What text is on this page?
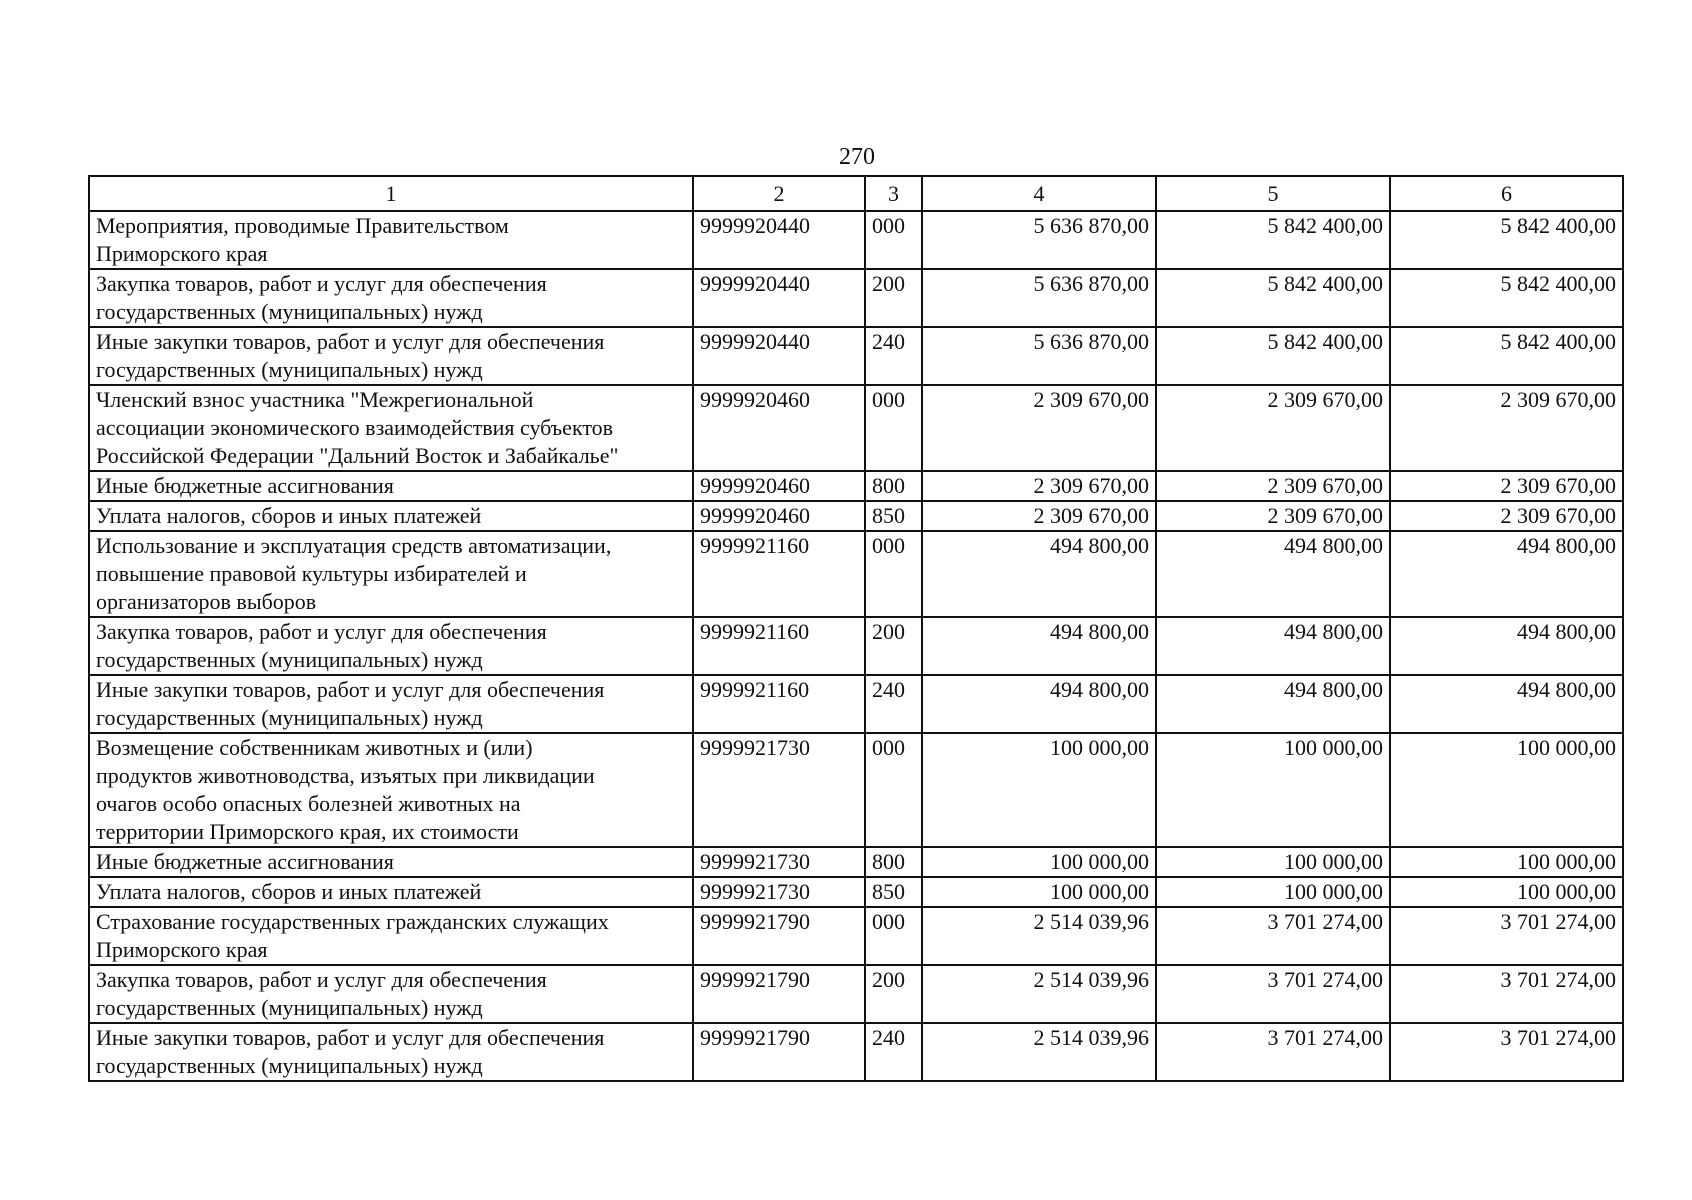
270
1	2	3	4	5	6
Мероприятия, проводимые Правительством
Приморского края	9999920440	000	5 636 870,00	5 842 400,00	5 842 400,00
Закупка товаров, работ и услуг для обеспечения
государственных (муниципальных) нужд	9999920440	200	5 636 870,00	5 842 400,00	5 842 400,00
Иные закупки товаров, работ и услуг для обеспечения
государственных (муниципальных) нужд	9999920440	240	5 636 870,00	5 842 400,00	5 842 400,00
Членский взнос участника "Межрегиональной
ассоциации экономического взаимодействия субъектов
Российской Федерации "Дальний Восток и Забайкалье"	9999920460	000	2 309 670,00	2 309 670,00	2 309 670,00
Иные бюджетные ассигнования	9999920460	800	2 309 670,00	2 309 670,00	2 309 670,00
Уплата налогов, сборов и иных платежей	9999920460	850	2 309 670,00	2 309 670,00	2 309 670,00
Использование и эксплуатация средств автоматизации,
повышение правовой культуры избирателей и
организаторов выборов	9999921160	000	494 800,00	494 800,00	494 800,00
Закупка товаров, работ и услуг для обеспечения
государственных (муниципальных) нужд	9999921160	200	494 800,00	494 800,00	494 800,00
Иные закупки товаров, работ и услуг для обеспечения
государственных (муниципальных) нужд	9999921160	240	494 800,00	494 800,00	494 800,00
Возмещение собственникам животных и (или)
продуктов животноводства, изъятых при ликвидации
очагов особо опасных болезней животных на
территории Приморского края, их стоимости	9999921730	000	100 000,00	100 000,00	100 000,00
Иные бюджетные ассигнования	9999921730	800	100 000,00	100 000,00	100 000,00
Уплата налогов, сборов и иных платежей	9999921730	850	100 000,00	100 000,00	100 000,00
Страхование государственных гражданских служащих
Приморского края	9999921790	000	2 514 039,96	3 701 274,00	3 701 274,00
Закупка товаров, работ и услуг для обеспечения
государственных (муниципальных) нужд	9999921790	200	2 514 039,96	3 701 274,00	3 701 274,00
Иные закупки товаров, работ и услуг для обеспечения
государственных (муниципальных) нужд	9999921790	240	2 514 039,96	3 701 274,00	3 701 274,00
